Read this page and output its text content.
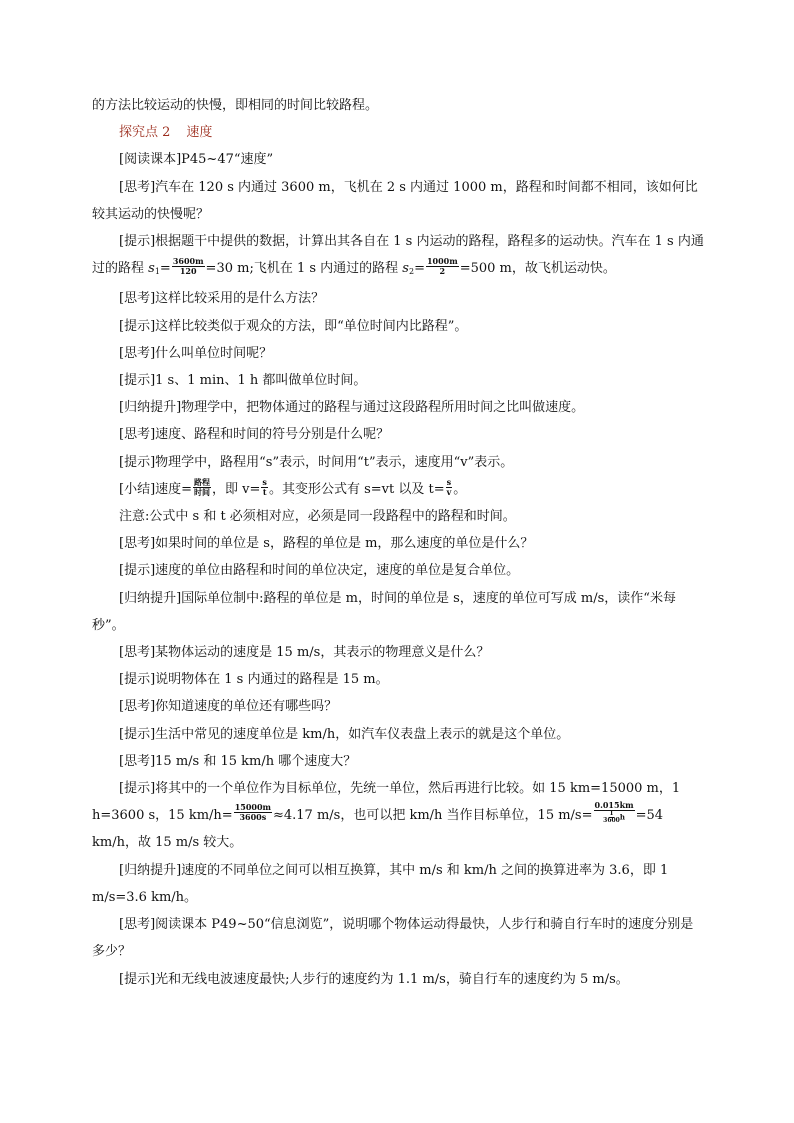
的方法比较运动的快慢，即相同的时间比较路程。

探究点 2 速度

[阅读课本]P45~47“速度”

[思考]汽车在 120 s 内通过 3600 m，飞机在 2 s 内通过 1000 m，路程和时间都不相同，该如何比较其运动的快慢呢？

[提示]根据题干中提供的数据，计算出其各自在 1 s 内运动的路程，路程多的运动快。汽车在 1 s 内通过的路程 $s_1= \frac{3600m}{120} =30$ m;飞机在 1 s 内通过的路程 $s_2= \frac{1000m}{2} =500$ m，故飞机运动快。

[思考]这样比较采用的是什么方法？

[提示]这样比较类似于观众的方法，即“单位时间内比路程”。

[思考]什么叫单位时间呢？

[提示]1 s、1 min、1 h 都叫做单位时间。

[归纳提升]物理学中，把物体通过的路程与通过这段路程所用时间之比叫做速度。

[思考]速度、路程和时间的符号分别是什么呢？

[提示]物理学中，路程用“s”表示，时间用“t”表示，速度用“v”表示。

[小结]速度= $\frac{\text{路程}}{\text{时间}}$ ，即 $v= \frac{s}{t}$ 。其变形公式有 s=vt 以及 $t= \frac{s}{v}$ 。

注意:公式中 s 和 t 必须相对应，必须是同一段路程中的路程和时间。

[思考]如果时间的单位是 s，路程的单位是 m，那么速度的单位是什么？

[提示]速度的单位由路程和时间的单位决定，速度的单位是复合单位。

[归纳提升]国际单位制中:路程的单位是 m，时间的单位是 s，速度的单位可写成 m/s，读作“米每秒”。

[思考]某物体运动的速度是 15 m/s，其表示的物理意义是什么？

[提示]说明物体在 1 s 内通过的路程是 15 m。

[思考]你知道速度的单位还有哪些吗？

[提示]生活中常见的速度单位是 km/h，如汽车仪表盘上表示的就是这个单位。

[思考]15 m/s 和 15 km/h 哪个速度大？

[提示]将其中的一个单位作为目标单位，先统一单位，然后再进行比较。如 15 km=15000 m，1 h=3600 s，15 $km/h= \frac{15000m}{3600s} \approx 4.17$ m/s，也可以把 km/h 当作目标单位，15 $m/s= \frac{0.015km}{\frac{1}{3600} h} =54$ km/h，故 15 m/s 较大。

[归纳提升]速度的不同单位之间可以相互换算，其中 m/s 和 km/h 之间的换算进率为 3.6，即 1 m/s=3.6 km/h。

[思考]阅读课本 P49~50“信息浏览”，说明哪个物体运动得最快，人步行和骑自行车时的速度分别是多少？

[提示]光和无线电波速度最快;人步行的速度约为 1.1 m/s，骑自行车的速度约为 5 m/s。
